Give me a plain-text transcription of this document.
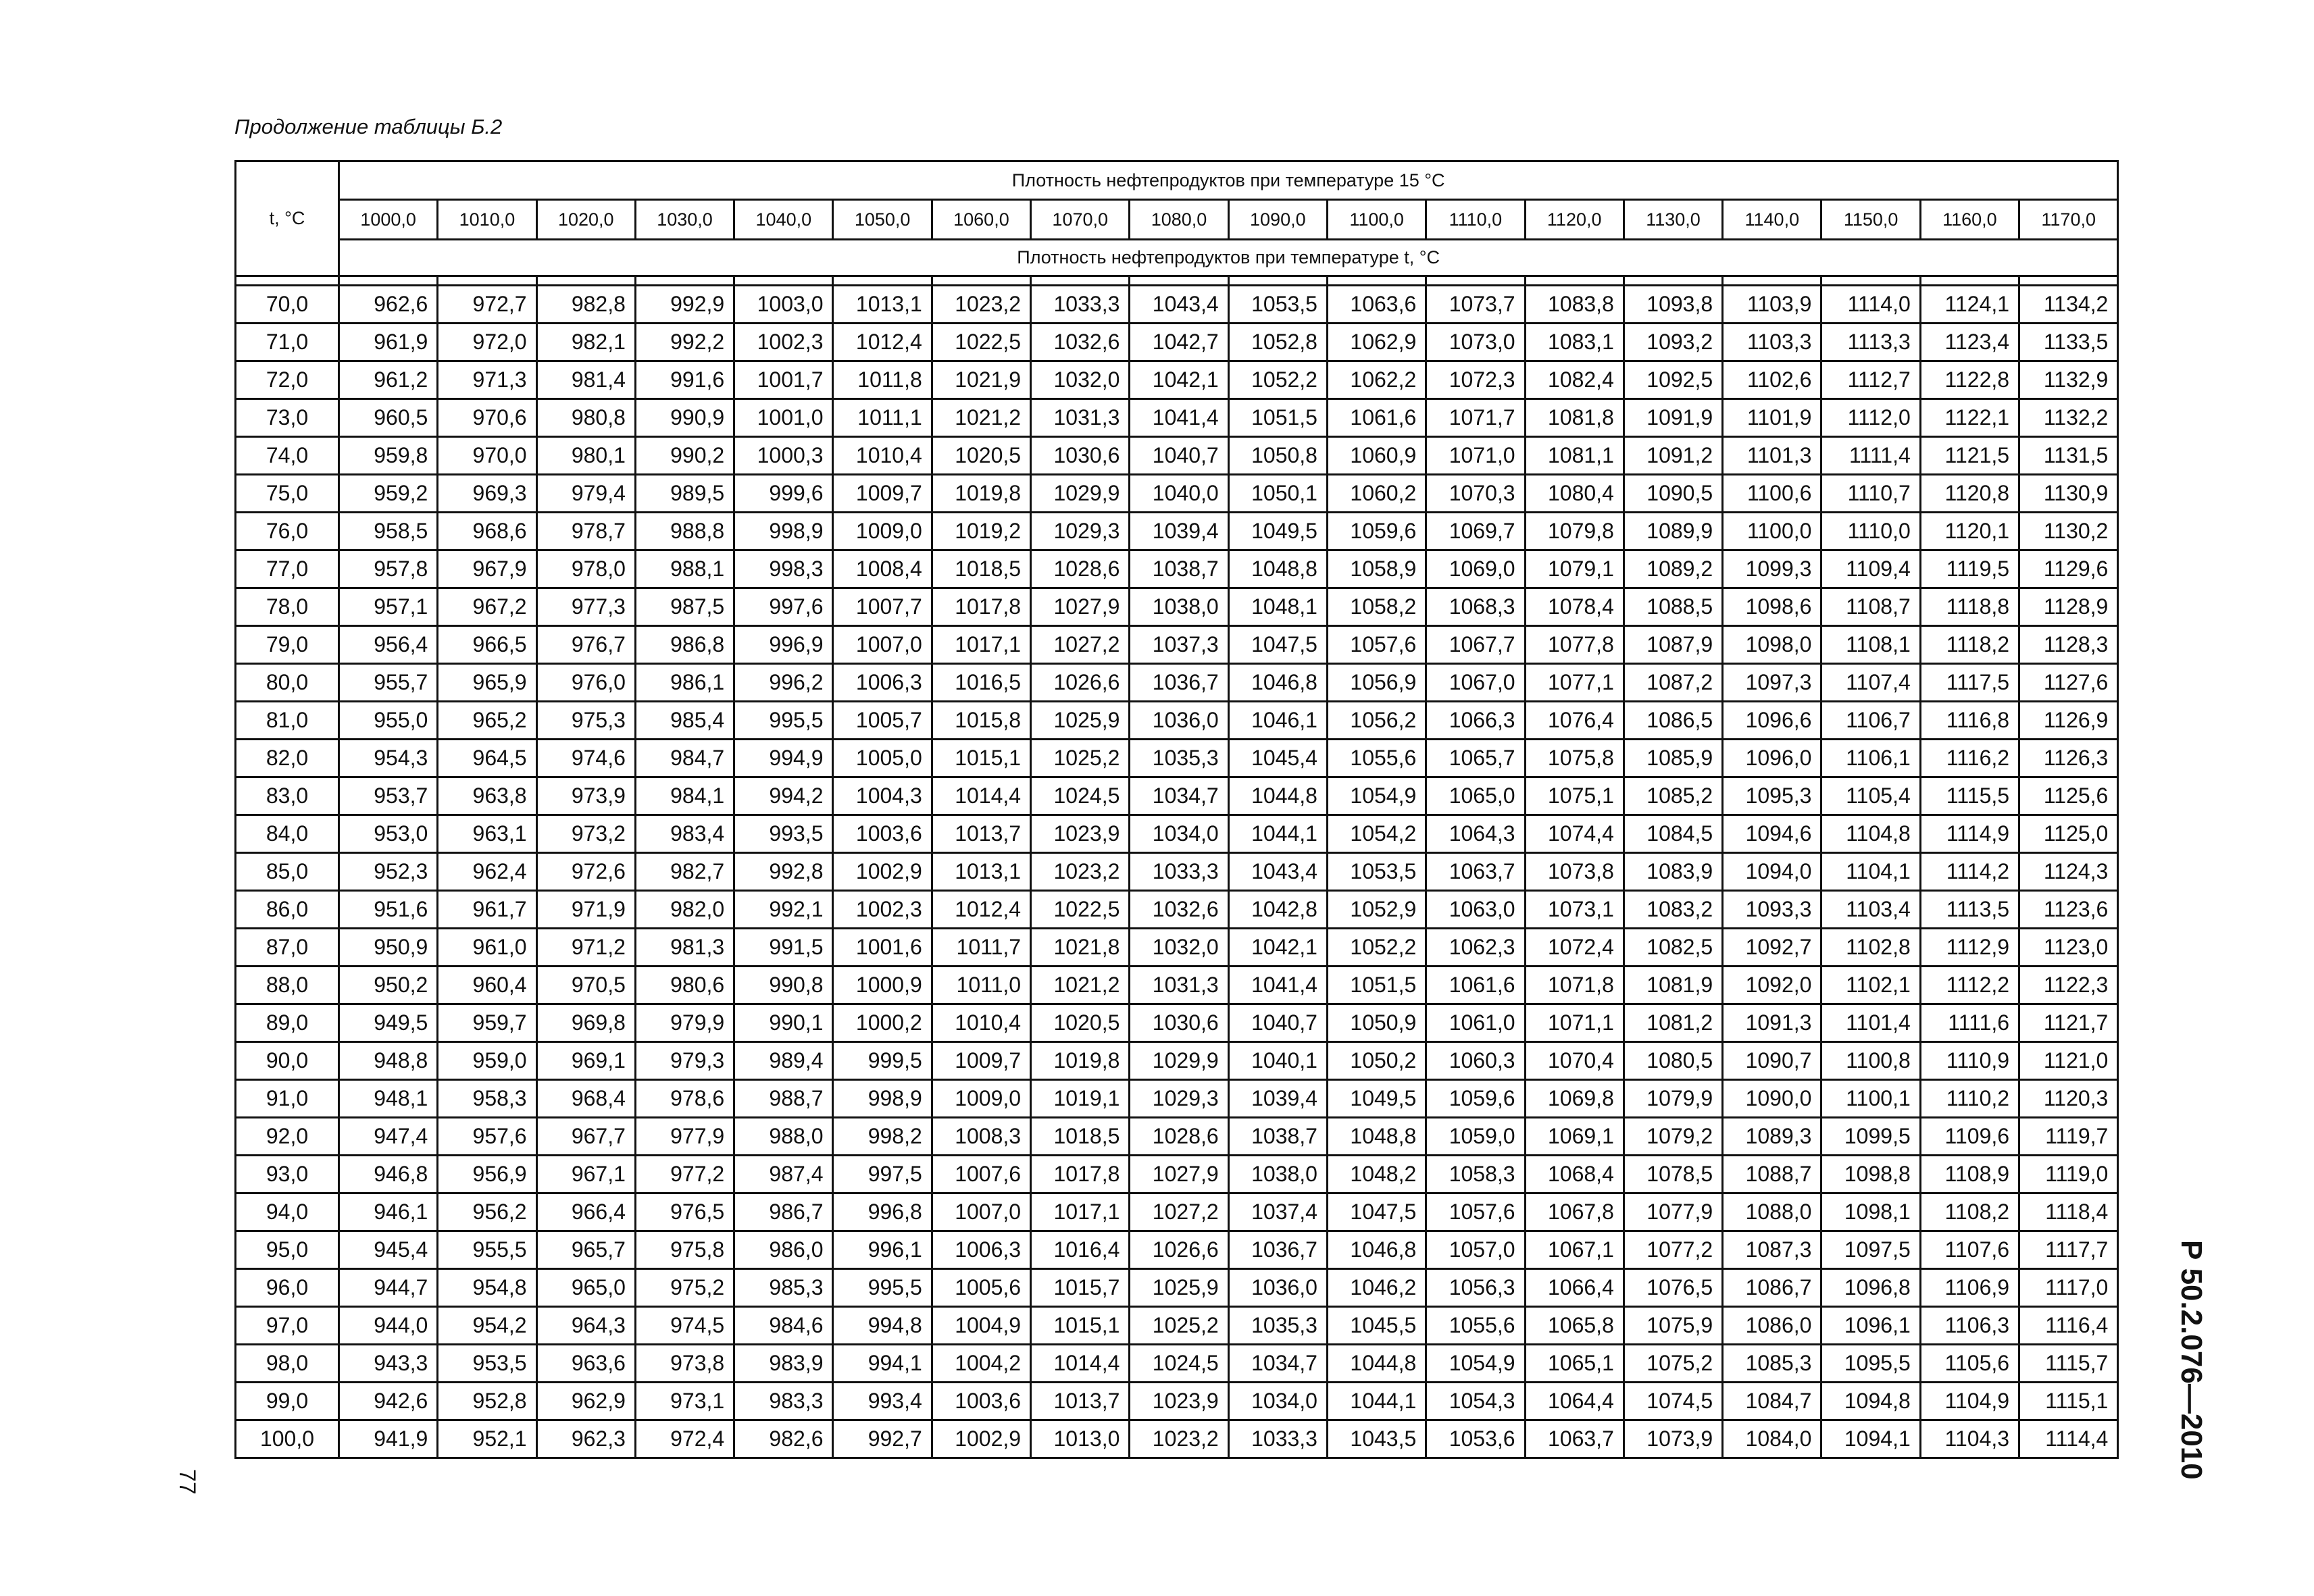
Продолжение таблицы Б.2
t, °C	Плотность нефтепродуктов при температуре 15 °C																	
	1000,0	1010,0	1020,0	1030,0	1040,0	1050,0	1060,0	1070,0	1080,0	1090,0	1100,0	1110,0	1120,0	1130,0	1140,0	1150,0	1160,0	1170,0
	Плотность нефтепродуктов при температуре t, °C																	

70,0	962,6	972,7	982,8	992,9	1003,0	1013,1	1023,2	1033,3	1043,4	1053,5	1063,6	1073,7	1083,8	1093,8	1103,9	1114,0	1124,1	1134,2
71,0	961,9	972,0	982,1	992,2	1002,3	1012,4	1022,5	1032,6	1042,7	1052,8	1062,9	1073,0	1083,1	1093,2	1103,3	1113,3	1123,4	1133,5
72,0	961,2	971,3	981,4	991,6	1001,7	1011,8	1021,9	1032,0	1042,1	1052,2	1062,2	1072,3	1082,4	1092,5	1102,6	1112,7	1122,8	1132,9
73,0	960,5	970,6	980,8	990,9	1001,0	1011,1	1021,2	1031,3	1041,4	1051,5	1061,6	1071,7	1081,8	1091,9	1101,9	1112,0	1122,1	1132,2
74,0	959,8	970,0	980,1	990,2	1000,3	1010,4	1020,5	1030,6	1040,7	1050,8	1060,9	1071,0	1081,1	1091,2	1101,3	1111,4	1121,5	1131,5
75,0	959,2	969,3	979,4	989,5	999,6	1009,7	1019,8	1029,9	1040,0	1050,1	1060,2	1070,3	1080,4	1090,5	1100,6	1110,7	1120,8	1130,9
76,0	958,5	968,6	978,7	988,8	998,9	1009,0	1019,2	1029,3	1039,4	1049,5	1059,6	1069,7	1079,8	1089,9	1100,0	1110,0	1120,1	1130,2
77,0	957,8	967,9	978,0	988,1	998,3	1008,4	1018,5	1028,6	1038,7	1048,8	1058,9	1069,0	1079,1	1089,2	1099,3	1109,4	1119,5	1129,6
78,0	957,1	967,2	977,3	987,5	997,6	1007,7	1017,8	1027,9	1038,0	1048,1	1058,2	1068,3	1078,4	1088,5	1098,6	1108,7	1118,8	1128,9
79,0	956,4	966,5	976,7	986,8	996,9	1007,0	1017,1	1027,2	1037,3	1047,5	1057,6	1067,7	1077,8	1087,9	1098,0	1108,1	1118,2	1128,3
80,0	955,7	965,9	976,0	986,1	996,2	1006,3	1016,5	1026,6	1036,7	1046,8	1056,9	1067,0	1077,1	1087,2	1097,3	1107,4	1117,5	1127,6
81,0	955,0	965,2	975,3	985,4	995,5	1005,7	1015,8	1025,9	1036,0	1046,1	1056,2	1066,3	1076,4	1086,5	1096,6	1106,7	1116,8	1126,9
82,0	954,3	964,5	974,6	984,7	994,9	1005,0	1015,1	1025,2	1035,3	1045,4	1055,6	1065,7	1075,8	1085,9	1096,0	1106,1	1116,2	1126,3
83,0	953,7	963,8	973,9	984,1	994,2	1004,3	1014,4	1024,5	1034,7	1044,8	1054,9	1065,0	1075,1	1085,2	1095,3	1105,4	1115,5	1125,6
84,0	953,0	963,1	973,2	983,4	993,5	1003,6	1013,7	1023,9	1034,0	1044,1	1054,2	1064,3	1074,4	1084,5	1094,6	1104,8	1114,9	1125,0
85,0	952,3	962,4	972,6	982,7	992,8	1002,9	1013,1	1023,2	1033,3	1043,4	1053,5	1063,7	1073,8	1083,9	1094,0	1104,1	1114,2	1124,3
86,0	951,6	961,7	971,9	982,0	992,1	1002,3	1012,4	1022,5	1032,6	1042,8	1052,9	1063,0	1073,1	1083,2	1093,3	1103,4	1113,5	1123,6
87,0	950,9	961,0	971,2	981,3	991,5	1001,6	1011,7	1021,8	1032,0	1042,1	1052,2	1062,3	1072,4	1082,5	1092,7	1102,8	1112,9	1123,0
88,0	950,2	960,4	970,5	980,6	990,8	1000,9	1011,0	1021,2	1031,3	1041,4	1051,5	1061,6	1071,8	1081,9	1092,0	1102,1	1112,2	1122,3
89,0	949,5	959,7	969,8	979,9	990,1	1000,2	1010,4	1020,5	1030,6	1040,7	1050,9	1061,0	1071,1	1081,2	1091,3	1101,4	1111,6	1121,7
90,0	948,8	959,0	969,1	979,3	989,4	999,5	1009,7	1019,8	1029,9	1040,1	1050,2	1060,3	1070,4	1080,5	1090,7	1100,8	1110,9	1121,0
91,0	948,1	958,3	968,4	978,6	988,7	998,9	1009,0	1019,1	1029,3	1039,4	1049,5	1059,6	1069,8	1079,9	1090,0	1100,1	1110,2	1120,3
92,0	947,4	957,6	967,7	977,9	988,0	998,2	1008,3	1018,5	1028,6	1038,7	1048,8	1059,0	1069,1	1079,2	1089,3	1099,5	1109,6	1119,7
93,0	946,8	956,9	967,1	977,2	987,4	997,5	1007,6	1017,8	1027,9	1038,0	1048,2	1058,3	1068,4	1078,5	1088,7	1098,8	1108,9	1119,0
94,0	946,1	956,2	966,4	976,5	986,7	996,8	1007,0	1017,1	1027,2	1037,4	1047,5	1057,6	1067,8	1077,9	1088,0	1098,1	1108,2	1118,4
95,0	945,4	955,5	965,7	975,8	986,0	996,1	1006,3	1016,4	1026,6	1036,7	1046,8	1057,0	1067,1	1077,2	1087,3	1097,5	1107,6	1117,7
96,0	944,7	954,8	965,0	975,2	985,3	995,5	1005,6	1015,7	1025,9	1036,0	1046,2	1056,3	1066,4	1076,5	1086,7	1096,8	1106,9	1117,0
97,0	944,0	954,2	964,3	974,5	984,6	994,8	1004,9	1015,1	1025,2	1035,3	1045,5	1055,6	1065,8	1075,9	1086,0	1096,1	1106,3	1116,4
98,0	943,3	953,5	963,6	973,8	983,9	994,1	1004,2	1014,4	1024,5	1034,7	1044,8	1054,9	1065,1	1075,2	1085,3	1095,5	1105,6	1115,7
99,0	942,6	952,8	962,9	973,1	983,3	993,4	1003,6	1013,7	1023,9	1034,0	1044,1	1054,3	1064,4	1074,5	1084,7	1094,8	1104,9	1115,1
100,0	941,9	952,1	962,3	972,4	982,6	992,7	1002,9	1013,0	1023,2	1033,3	1043,5	1053,6	1063,7	1073,9	1084,0	1094,1	1104,3	1114,4
77
Р 50.2.076—2010
